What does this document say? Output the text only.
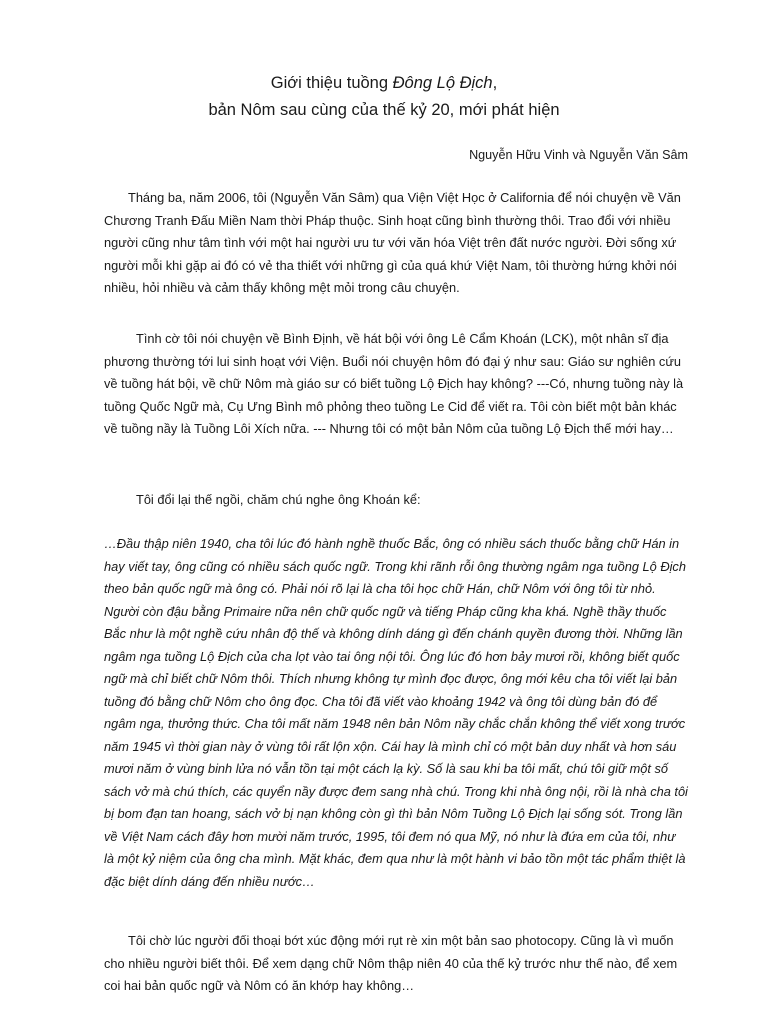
Giới thiệu tuồng Đông Lộ Địch,
bản Nôm sau cùng của thế kỷ 20, mới phát hiện
Nguyễn Hữu Vinh và Nguyễn Văn Sâm

Tháng ba, năm 2006, tôi (Nguyễn Văn Sâm) qua Viện Việt Học ở California để nói chuyện về Văn Chương Tranh Đấu Miền Nam thời Pháp thuộc. Sinh hoạt cũng bình thường thôi. Trao đổi với nhiều người cũng như tâm tình với một hai người ưu tư với văn hóa Việt trên đất nước người. Đời sống xứ người mỗi khi gặp ai đó có vẻ tha thiết với những gì của quá khứ Việt Nam, tôi thường hứng khởi nói nhiều, hỏi nhiều và cảm thấy không mệt mỏi trong câu chuyện.

Tình cờ tôi nói chuyện về Bình Định, về hát bội với ông Lê Cẩm Khoán (LCK), một nhân sĩ địa phương thường tới lui sinh hoạt với Viện. Buổi nói chuyện hôm đó đại ý như sau: Giáo sư nghiên cứu về tuồng hát bội, về chữ Nôm mà giáo sư có biết tuồng Lộ Địch hay không? ---Có, nhưng tuồng này là tuồng Quốc Ngữ mà, Cụ Ưng Bình mô phỏng theo tuồng Le Cid để viết ra. Tôi còn biết một bản khác về tuồng nầy là Tuồng Lôi Xích nữa. --- Nhưng tôi có một bản Nôm của tuồng Lộ Địch thế mới hay…

Tôi đổi lại thế ngồi, chăm chú nghe ông Khoán kể:

…Đầu thập niên 1940, cha tôi lúc đó hành nghề thuốc Bắc, ông có nhiều sách thuốc bằng chữ Hán in hay viết tay, ông cũng có nhiều sách quốc ngữ. Trong khi rãnh rỗi ông thường ngâm nga tuồng Lộ Địch theo bản quốc ngữ mà ông có. Phải nói rõ lại là cha tôi học chữ Hán, chữ Nôm với ông tôi từ nhỏ. Người còn đậu bằng Primaire nữa nên chữ quốc ngữ và tiếng Pháp cũng kha khá. Nghề thầy thuốc Bắc như là một nghề cứu nhân độ thế và không dính dáng gì đến chánh quyền đương thời. Những lần ngâm nga tuồng Lộ Địch của cha lọt vào tai ông nội tôi. Ông lúc đó hơn bảy mươi rồi, không biết quốc ngữ mà chỉ biết chữ Nôm thôi. Thích nhưng không tự mình đọc được, ông mới kêu cha tôi viết lại bản tuồng đó bằng chữ Nôm cho ông đọc. Cha tôi đã viết vào khoảng 1942 và ông tôi dùng bản đó để ngâm nga, thưởng thức. Cha tôi mất năm 1948 nên bản Nôm nầy chắc chắn không thể viết xong trước năm 1945 vì thời gian này ở vùng tôi rất lộn xộn. Cái hay là mình chỉ có một bản duy nhất và hơn sáu mươi năm ở vùng binh lửa nó vẫn tồn tại một cách lạ kỳ. Số là sau khi ba tôi mất, chú tôi giữ một số sách vở mà chú thích, các quyển nầy được đem sang nhà chú. Trong khi nhà ông nội, rồi là nhà cha tôi bị bom đạn tan hoang, sách vở bị nạn không còn gì thì bản Nôm Tuồng Lộ Địch lại sống sót. Trong lần về Việt Nam cách đây hơn mười năm trước, 1995, tôi đem nó qua Mỹ, nó như là đứa em của tôi, như là một kỷ niệm của ông cha mình. Mặt khác, đem qua như là một hành vi bảo tồn một tác phẩm thiệt là đặc biệt dính dáng đến nhiều nước…

Tôi chờ lúc người đối thoại bớt xúc động mới rụt rè xin một bản sao photocopy. Cũng là vì muốn cho nhiều người biết thôi. Để xem dạng chữ Nôm thập niên 40 của thế kỷ trước như thế nào, để xem coi hai bản quốc ngữ và Nôm có ăn khớp hay không…
